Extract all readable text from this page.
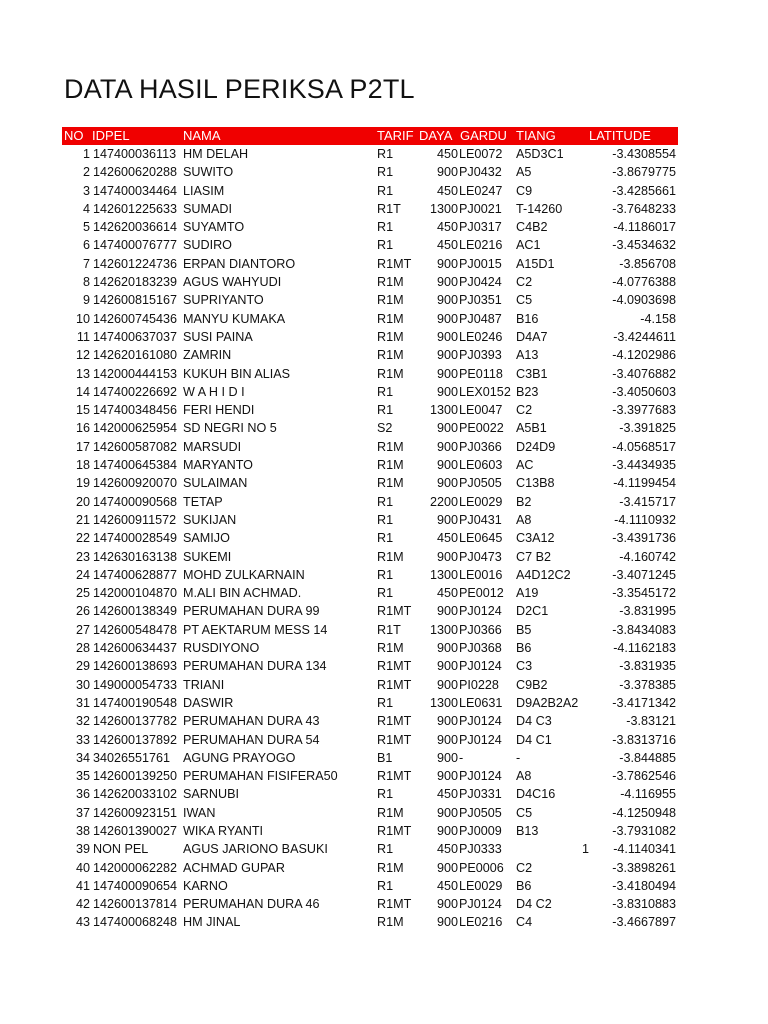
DATA HASIL PERIKSA P2TL
NO IDPEL	NAMA	TARIF DAYA GARDU TIANG	LATITUDE
1 147400036113 HM DELAH	R1	450 LE0072 A5D3C1	-3.4308554
2 142600620288 SUWITO	R1	900 PJ0432 A5	-3.8679775
3 147400034464 LIASIM	R1	450 LE0247 C9	-3.4285661
4 142601225633 SUMADI	R1T	1300 PJ0021 T-14260	-3.7648233
5 142620036614 SUYAMTO	R1	450 PJ0317 C4B2	-4.1186017
6 147400076777 SUDIRO	R1	450 LE0216 AC1	-3.4534632
7 142601224736 ERPAN DIANTORO	R1MT	900 PJ0015 A15D1	-3.856708
8 142620183239 AGUS WAHYUDI	R1M	900 PJ0424 C2	-4.0776388
9 142600815167 SUPRIYANTO	R1M	900 PJ0351 C5	-4.0903698
10 142600745436 MANYU KUMAKA	R1M	900 PJ0487 B16	-4.158
11 147400637037 SUSI PAINA	R1M	900 LE0246 D4A7	-3.4244611
12 142620161080 ZAMRIN	R1M	900 PJ0393 A13	-4.1202986
13 142000444153 KUKUH BIN ALIAS	R1M	900 PE0118 C3B1	-3.4076882
14 147400226692 W A H I D I	R1	900 LEX0152 B23	-3.4050603
15 147400348456 FERI HENDI	R1	1300 LE0047 C2	-3.3977683
16 142000625954 SD NEGRI NO 5	S2	900 PE0022 A5B1	-3.391825
17 142600587082 MARSUDI	R1M	900 PJ0366 D24D9	-4.0568517
18 147400645384 MARYANTO	R1M	900 LE0603 AC	-3.4434935
19 142600920070 SULAIMAN	R1M	900 PJ0505 C13B8	-4.1199454
20 147400090568 TETAP	R1	2200 LE0029 B2	-3.415717
21 142600911572 SUKIJAN	R1	900 PJ0431 A8	-4.1110932
22 147400028549 SAMIJO	R1	450 LE0645 C3A12	-3.4391736
23 142630163138 SUKEMI	R1M	900 PJ0473 C7 B2	-4.160742
24 147400628877 MOHD ZULKARNAIN	R1	1300 LE0016 A4D12C2	-3.4071245
25 142000104870 M.ALI BIN ACHMAD.	R1	450 PE0012 A19	-3.3545172
26 142600138349 PERUMAHAN DURA 99	R1MT	900 PJ0124 D2C1	-3.831995
27 142600548478 PT AEKTARUM MESS 14	R1T	1300 PJ0366 B5	-3.8434083
28 142600634437 RUSDIYONO	R1M	900 PJ0368 B6	-4.1162183
29 142600138693 PERUMAHAN DURA 134	R1MT	900 PJ0124 C3	-3.831935
30 149000054733 TRIANI	R1MT	900 PI0228 C9B2	-3.378385
31 147400190548 DASWIR	R1	1300 LE0631 D9A2B2A2	-3.4171342
32 142600137782 PERUMAHAN DURA 43	R1MT	900 PJ0124 D4 C3	-3.83121
33 142600137892 PERUMAHAN DURA 54	R1MT	900 PJ0124 D4 C1	-3.8313716
34 34026551761 AGUNG PRAYOGO	B1	900 -	-	-3.844885
35 142600139250 PERUMAHAN FISIFERA50	R1MT	900 PJ0124 A8	-3.7862546
36 142620033102 SARNUBI	R1	450 PJ0331 D4C16	-4.116955
37 142600923151 IWAN	R1M	900 PJ0505 C5	-4.1250948
38 142601390027 WIKA RYANTI	R1MT	900 PJ0009 B13	-3.7931082
39 NON PEL	AGUS JARIONO BASUKI	R1	450 PJ0333	1	-4.1140341
40 142000062282 ACHMAD GUPAR	R1M	900 PE0006 C2	-3.3898261
41 147400090654 KARNO	R1	450 LE0029 B6	-3.4180494
42 142600137814 PERUMAHAN DURA 46	R1MT	900 PJ0124 D4 C2	-3.8310883
43 147400068248 HM JINAL	R1M	900 LE0216 C4	-3.4667897
